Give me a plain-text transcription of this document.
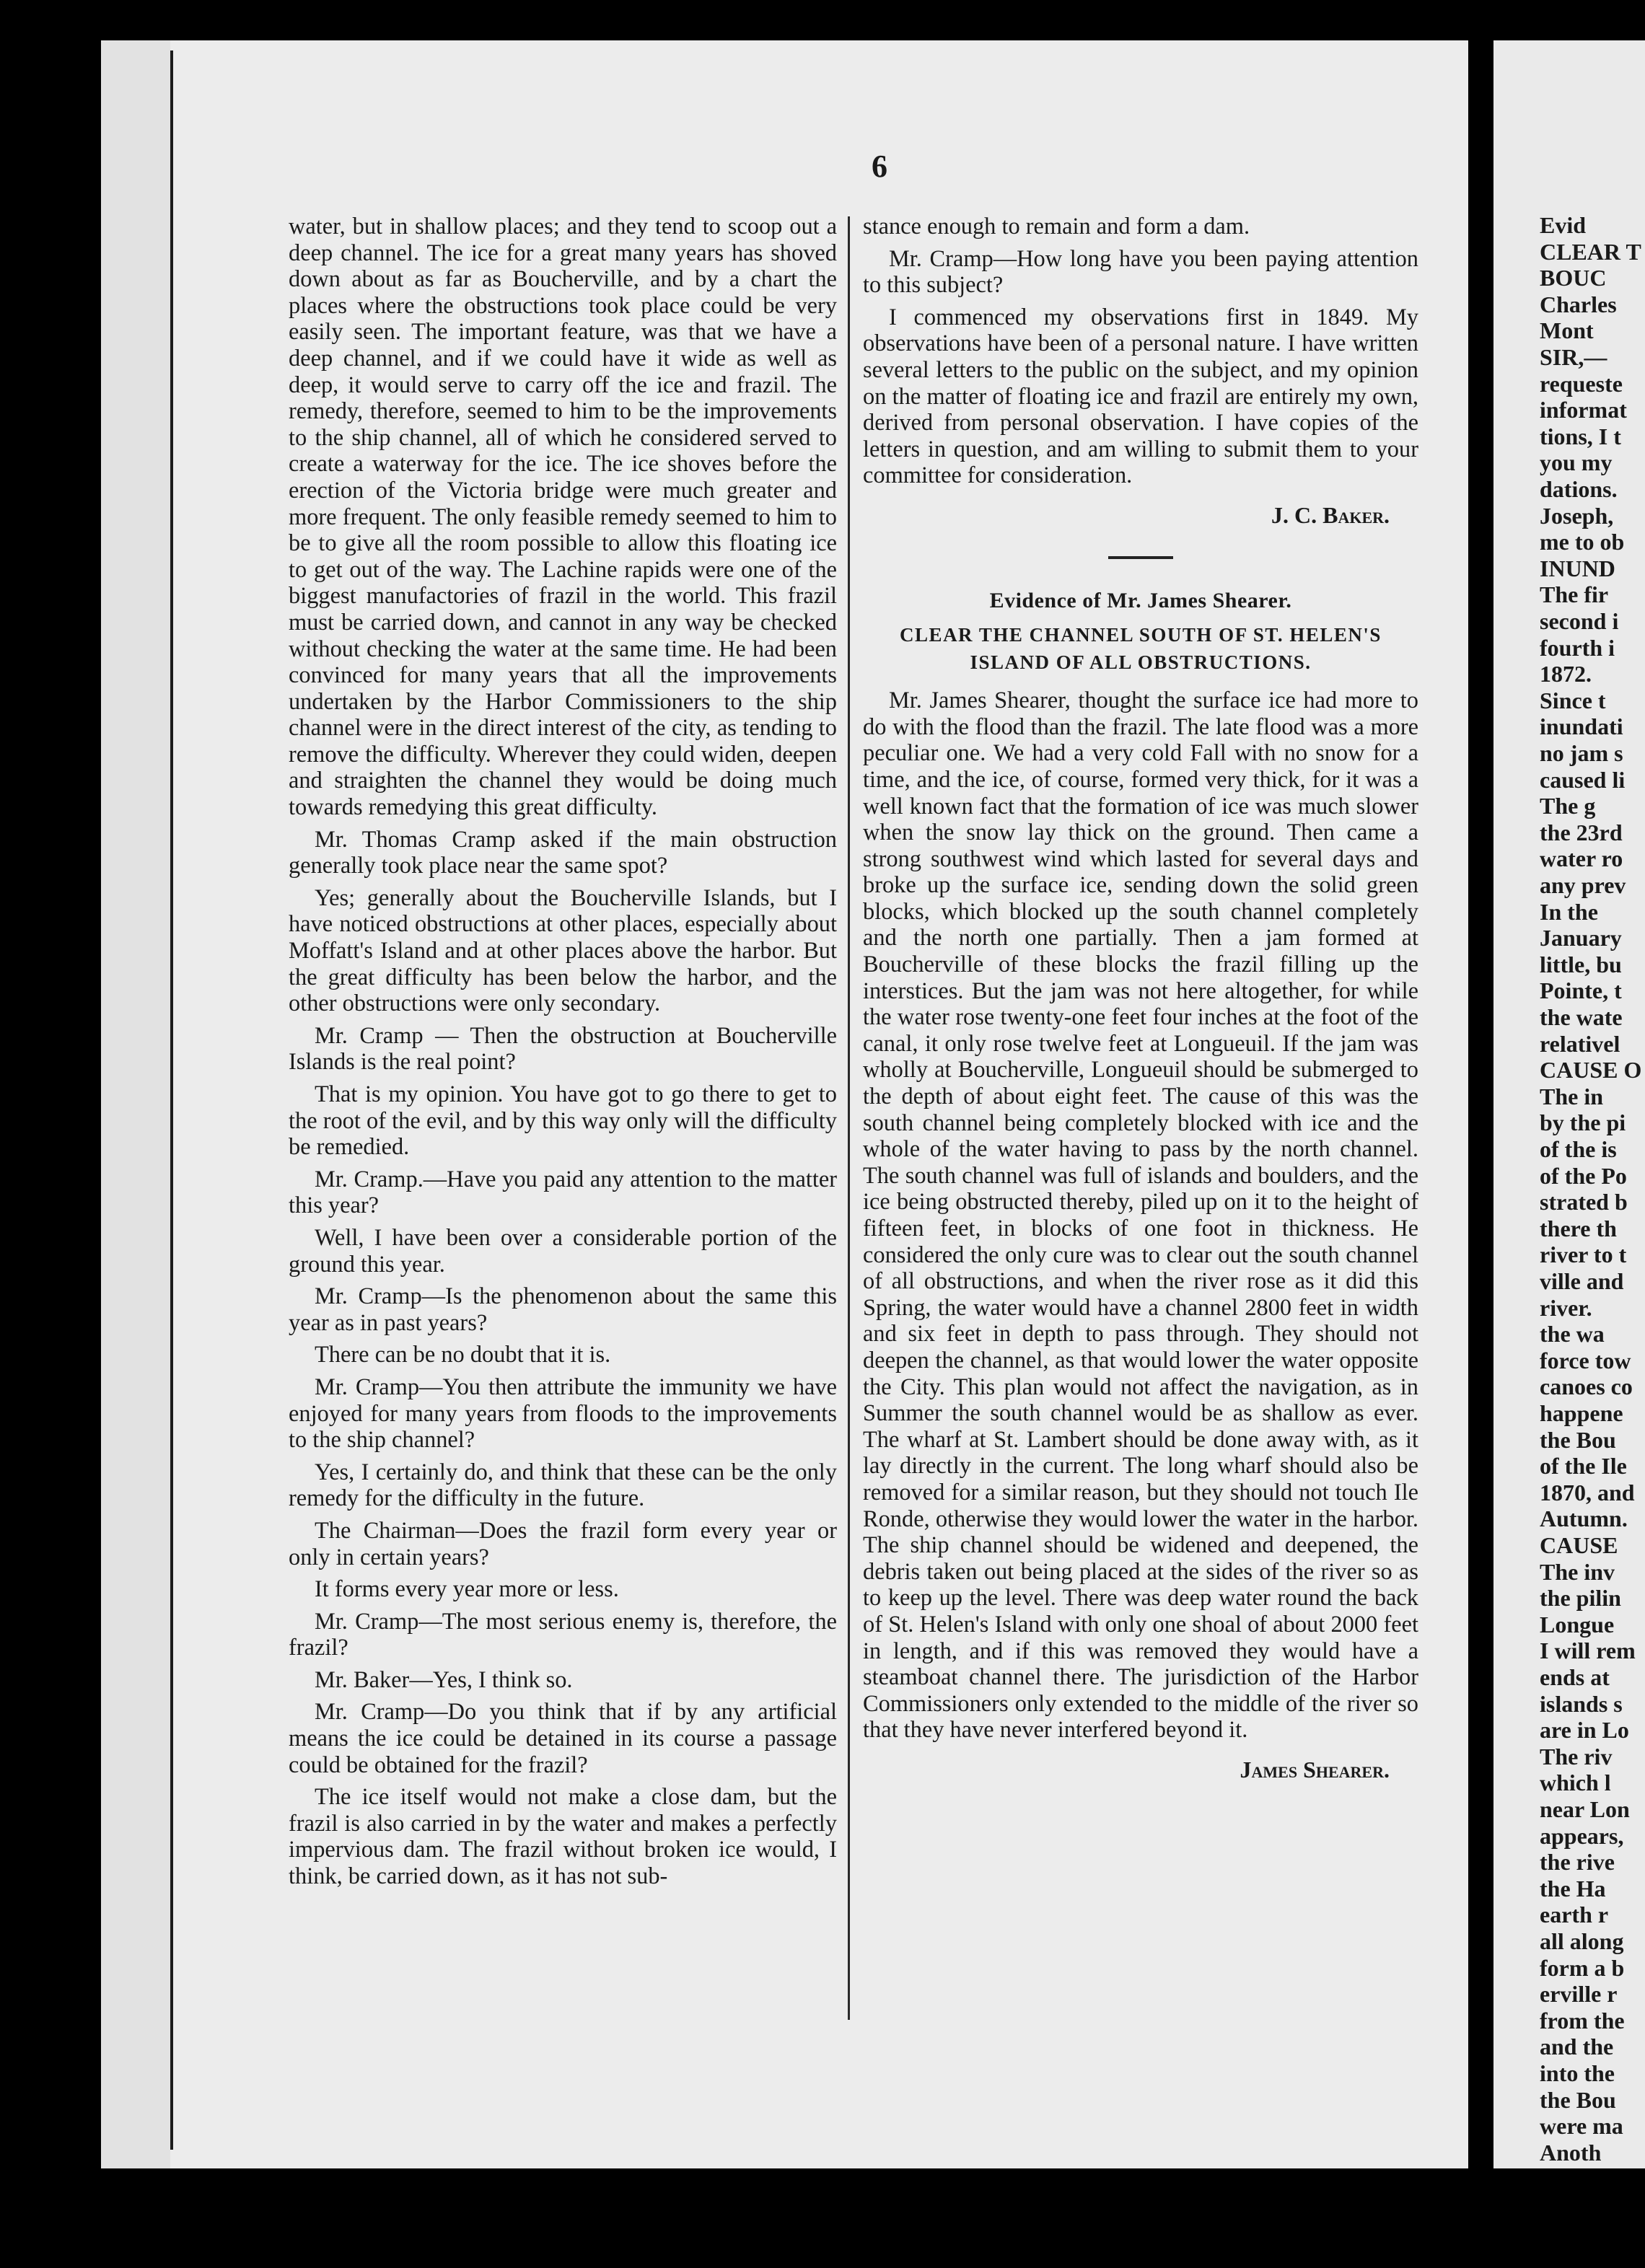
6

water, but in shallow places; and they tend to scoop out a deep channel. The ice for a great many years has shoved down about as far as Boucherville, and by a chart the places where the obstructions took place could be very easily seen. The important feature, was that we have a deep channel, and if we could have it wide as well as deep, it would serve to carry off the ice and frazil. The remedy, therefore, seemed to him to be the improvements to the ship channel, all of which he considered served to create a waterway for the ice. The ice shoves before the erection of the Victoria bridge were much greater and more frequent. The only feasible remedy seemed to him to be to give all the room possible to allow this floating ice to get out of the way. The Lachine rapids were one of the biggest manufactories of frazil in the world. This frazil must be carried down, and cannot in any way be checked without checking the water at the same time. He had been convinced for many years that all the improvements undertaken by the Harbor Commissioners to the ship channel were in the direct interest of the city, as tending to remove the difficulty. Wherever they could widen, deepen and straighten the channel they would be doing much towards remedying this great difficulty.

Mr. Thomas Cramp asked if the main obstruction generally took place near the same spot?

Yes; generally about the Boucherville Islands, but I have noticed obstructions at other places, especially about Moffatt's Island and at other places above the harbor. But the great difficulty has been below the harbor, and the other obstructions were only secondary.

Mr. Cramp — Then the obstruction at Boucherville Islands is the real point?

That is my opinion. You have got to go there to get to the root of the evil, and by this way only will the difficulty be remedied.

Mr. Cramp.—Have you paid any attention to the matter this year?

Well, I have been over a considerable portion of the ground this year.

Mr. Cramp—Is the phenomenon about the same this year as in past years?

There can be no doubt that it is.

Mr. Cramp—You then attribute the immunity we have enjoyed for many years from floods to the improvements to the ship channel?

Yes, I certainly do, and think that these can be the only remedy for the difficulty in the future.

The Chairman—Does the frazil form every year or only in certain years?

It forms every year more or less.

Mr. Cramp—The most serious enemy is, therefore, the frazil?

Mr. Baker—Yes, I think so.

Mr. Cramp—Do you think that if by any artificial means the ice could be detained in its course a passage could be obtained for the frazil?

The ice itself would not make a close dam, but the frazil is also carried in by the water and makes a perfectly impervious dam. The frazil without broken ice would, I think, be carried down, as it has not sub-

stance enough to remain and form a dam.

Mr. Cramp—How long have you been paying attention to this subject?

I commenced my observations first in 1849. My observations have been of a personal nature. I have written several letters to the public on the subject, and my opinion on the matter of floating ice and frazil are entirely my own, derived from personal observation. I have copies of the letters in question, and am willing to submit them to your committee for consideration.

J. C. Baker.
Evidence of Mr. James Shearer.
CLEAR THE CHANNEL SOUTH OF ST. HELEN'S ISLAND OF ALL OBSTRUCTIONS.

Mr. James Shearer, thought the surface ice had more to do with the flood than the frazil. The late flood was a more peculiar one. We had a very cold Fall with no snow for a time, and the ice, of course, formed very thick, for it was a well known fact that the formation of ice was much slower when the snow lay thick on the ground. Then came a strong southwest wind which lasted for several days and broke up the surface ice, sending down the solid green blocks, which blocked up the south channel completely and the north one partially. Then a jam formed at Boucherville of these blocks the frazil filling up the interstices. But the jam was not here altogether, for while the water rose twenty-one feet four inches at the foot of the canal, it only rose twelve feet at Longueuil. If the jam was wholly at Boucherville, Longueuil should be submerged to the depth of about eight feet. The cause of this was the south channel being completely blocked with ice and the whole of the water having to pass by the north channel. The south channel was full of islands and boulders, and the ice being obstructed thereby, piled up on it to the height of fifteen feet, in blocks of one foot in thickness. He considered the only cure was to clear out the south channel of all obstructions, and when the river rose as it did this Spring, the water would have a channel 2800 feet in width and six feet in depth to pass through. They should not deepen the channel, as that would lower the water opposite the City. This plan would not affect the navigation, as in Summer the south channel would be as shallow as ever. The wharf at St. Lambert should be done away with, as it lay directly in the current. The long wharf should also be removed for a similar reason, but they should not touch Ile Ronde, otherwise they would lower the water in the harbor. The ship channel should be widened and deepened, the debris taken out being placed at the sides of the river so as to keep up the level. There was deep water round the back of St. Helen's Island with only one shoal of about 2000 feet in length, and if this was removed they would have a steamboat channel there. The jurisdiction of the Harbor Commissioners only extended to the middle of the river so that they have never interfered beyond it.

James Shearer.
Evid
CLEAR T
BOUC
Charles
Mont
SIR,—
requeste
informat
tions, I t
you my
dations.
Joseph,
me to ob
INUND
The fir
second i
fourth i
1872.
Since t
inundati
no jam s
caused li
The g
the 23rd
water ro
any prev
In the
January
little, bu
Pointe, t
the wate
relativel
CAUSE O
The in
by the pi
of the is
of the Po
strated b
there th
river to t
ville and
river.
the wa
force tow
canoes co
happene
the Bou
of the Ile
1870, and
Autumn.
CAUSE
The inv
the pilin
Longue
I will rem
ends at
islands s
are in Lo
The riv
which l
near Lon
appears,
the rive
the Ha
earth r
all along
form a b
erville r
from the
and the
into the
the Bou
were ma
Anoth
